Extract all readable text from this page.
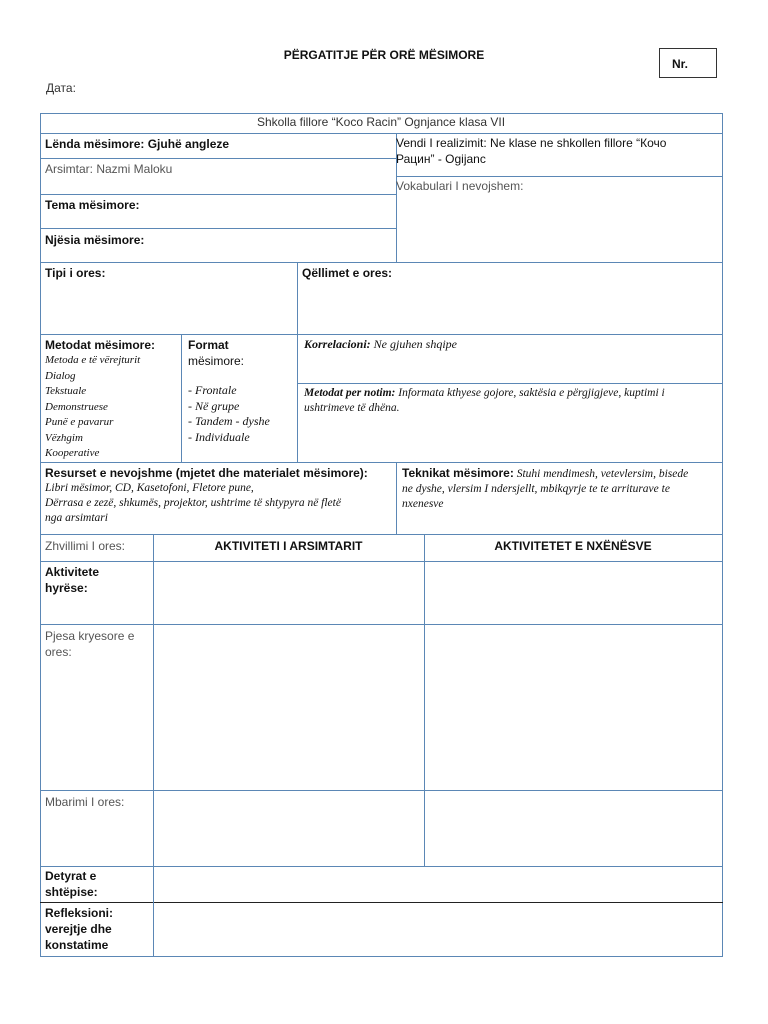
PËRGATITJE PËR ORË MËSIMORE
Nr.
Дата:
Shkolla fillore “Koco Racin” Ognjance klasa VII
Lënda mësimore: Gjuhë angleze
Arsimtar: Nazmi Maloku
Tema mësimore:
Njësia mësimore:
Vendi I realizimit: Ne klase ne shkollen fillore “Кочо
Рацин” - Ogijanc
Vokabulari I nevojshem:
Tipi i ores:	Qëllimet e ores:
Metodat mësimore:
Metoda e të vërejturit
Dialog
Tekstuale
Demonstruese
Punë e pavarur
Vëzhgim
Kooperative
Format
mësimore:
- Frontale
- Në grupe
- Tandem - dyshe
- Individuale
Korrelacioni: Ne gjuhen shqipe
Metodat per notim: Informata kthyese gojore, saktësia e përgjigjeve, kuptimi i
ushtrimeve të dhëna.
Resurset e nevojshme (mjetet dhe materialet mësimore):
Libri mësimor, CD, Kasetofoni, Fletore pune,
Dërrasa e zezë, shkumës, projektor, ushtrime të shtypyra në fletë
nga arsimtari
Teknikat mësimore: Stuhi mendimesh, vetevlersim, bisede
ne dyshe, vlersim I ndersjellt, mbikqyrje te te arriturave te
nxenesve
Zhvillimi I ores:	AKTIVITETI I ARSIMTARIT	AKTIVITETET E NXËNËSVE
Aktivitete
hyrëse:
Pjesa kryesore e
ores:
Mbarimi I ores:
Detyrat e
shtëpise:
Refleksioni:
verejtje dhe
konstatime
